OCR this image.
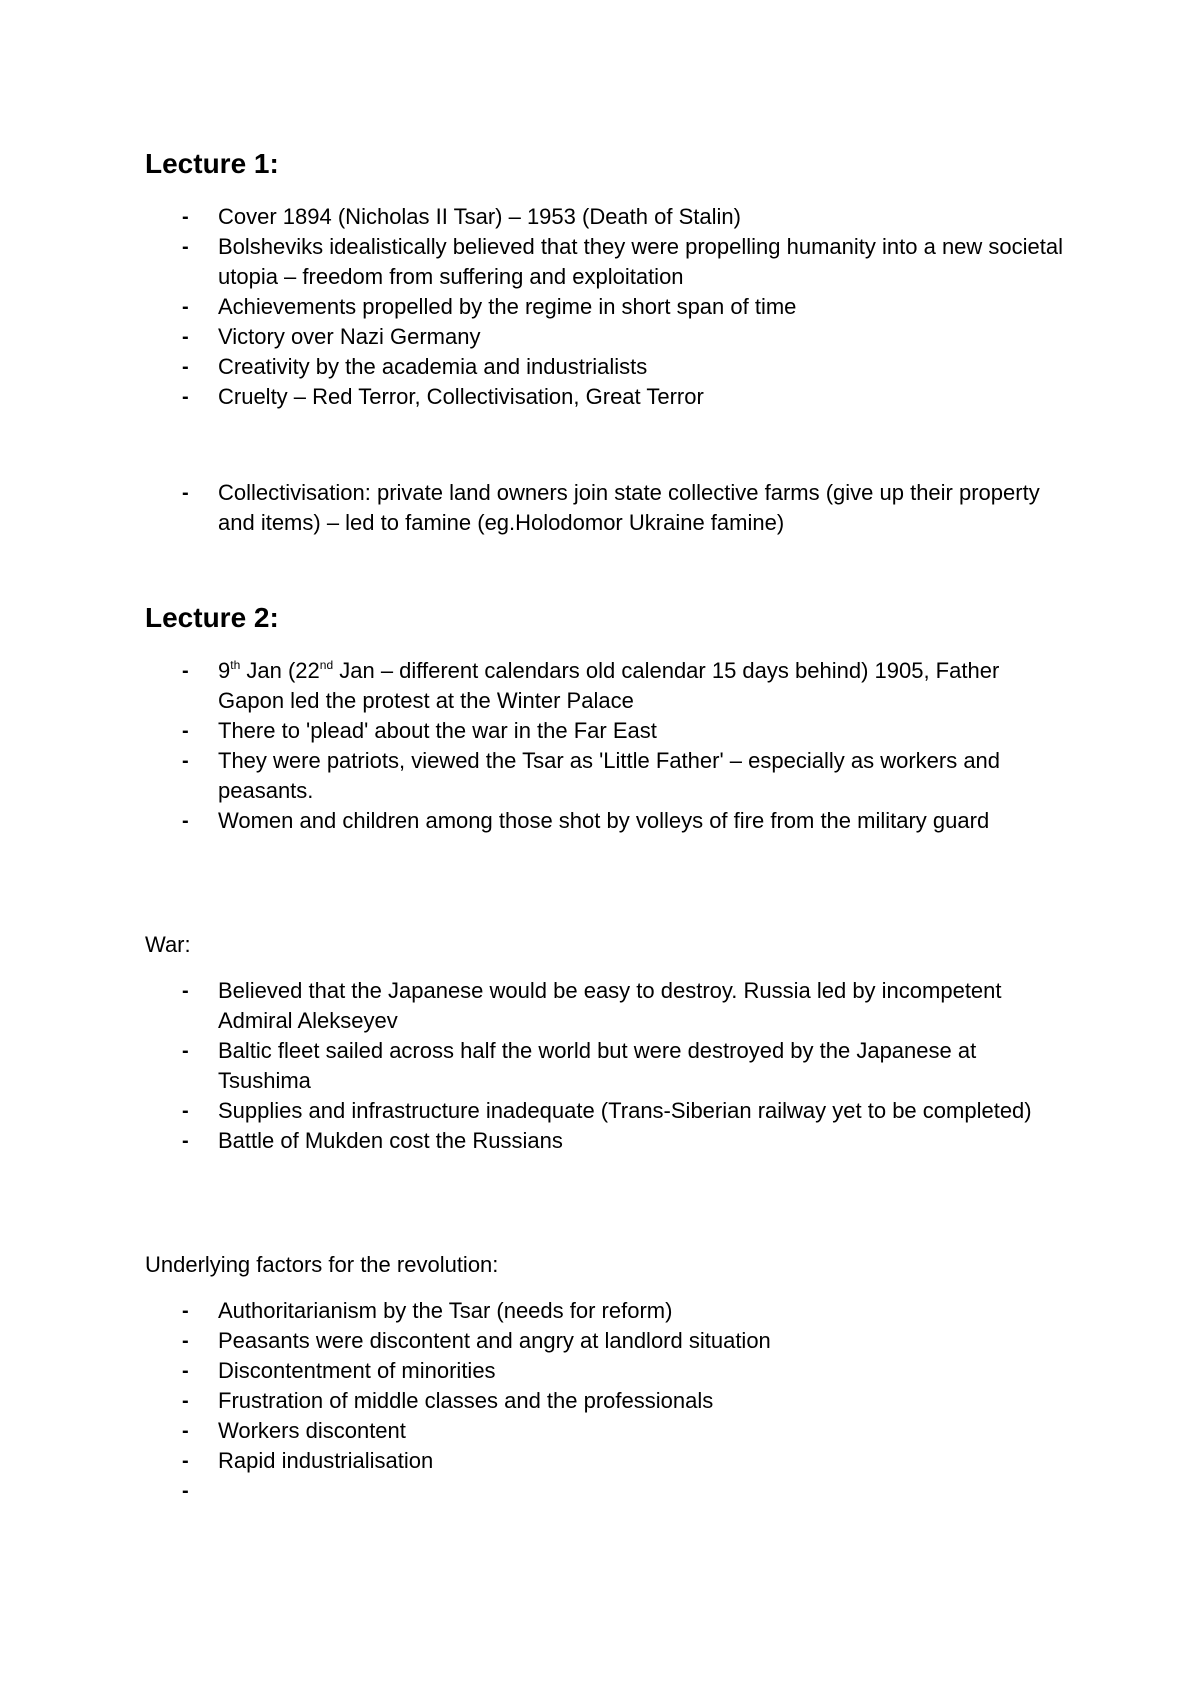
Lecture 1:
- Cover 1894 (Nicholas II Tsar) – 1953 (Death of Stalin)
- Bolsheviks idealistically believed that they were propelling humanity into a new societal utopia – freedom from suffering and exploitation
- Achievements propelled by the regime in short span of time
- Victory over Nazi Germany
- Creativity by the academia and industrialists
- Cruelty – Red Terror, Collectivisation, Great Terror
- Collectivisation: private land owners join state collective farms (give up their property and items) – led to famine (eg.Holodomor Ukraine famine)
Lecture 2:
- 9th Jan (22nd Jan – different calendars old calendar 15 days behind) 1905, Father Gapon led the protest at the Winter Palace
- There to 'plead' about the war in the Far East
- They were patriots, viewed the Tsar as 'Little Father' – especially as workers and peasants.
- Women and children among those shot by volleys of fire from the military guard

War:

- Believed that the Japanese would be easy to destroy. Russia led by incompetent Admiral Alekseyev
- Baltic fleet sailed across half the world but were destroyed by the Japanese at Tsushima
- Supplies and infrastructure inadequate (Trans-Siberian railway yet to be completed)
- Battle of Mukden cost the Russians

Underlying factors for the revolution:

- Authoritarianism by the Tsar (needs for reform)
- Peasants were discontent and angry at landlord situation
- Discontentment of minorities
- Frustration of middle classes and the professionals
- Workers discontent
- Rapid industrialisation
-
